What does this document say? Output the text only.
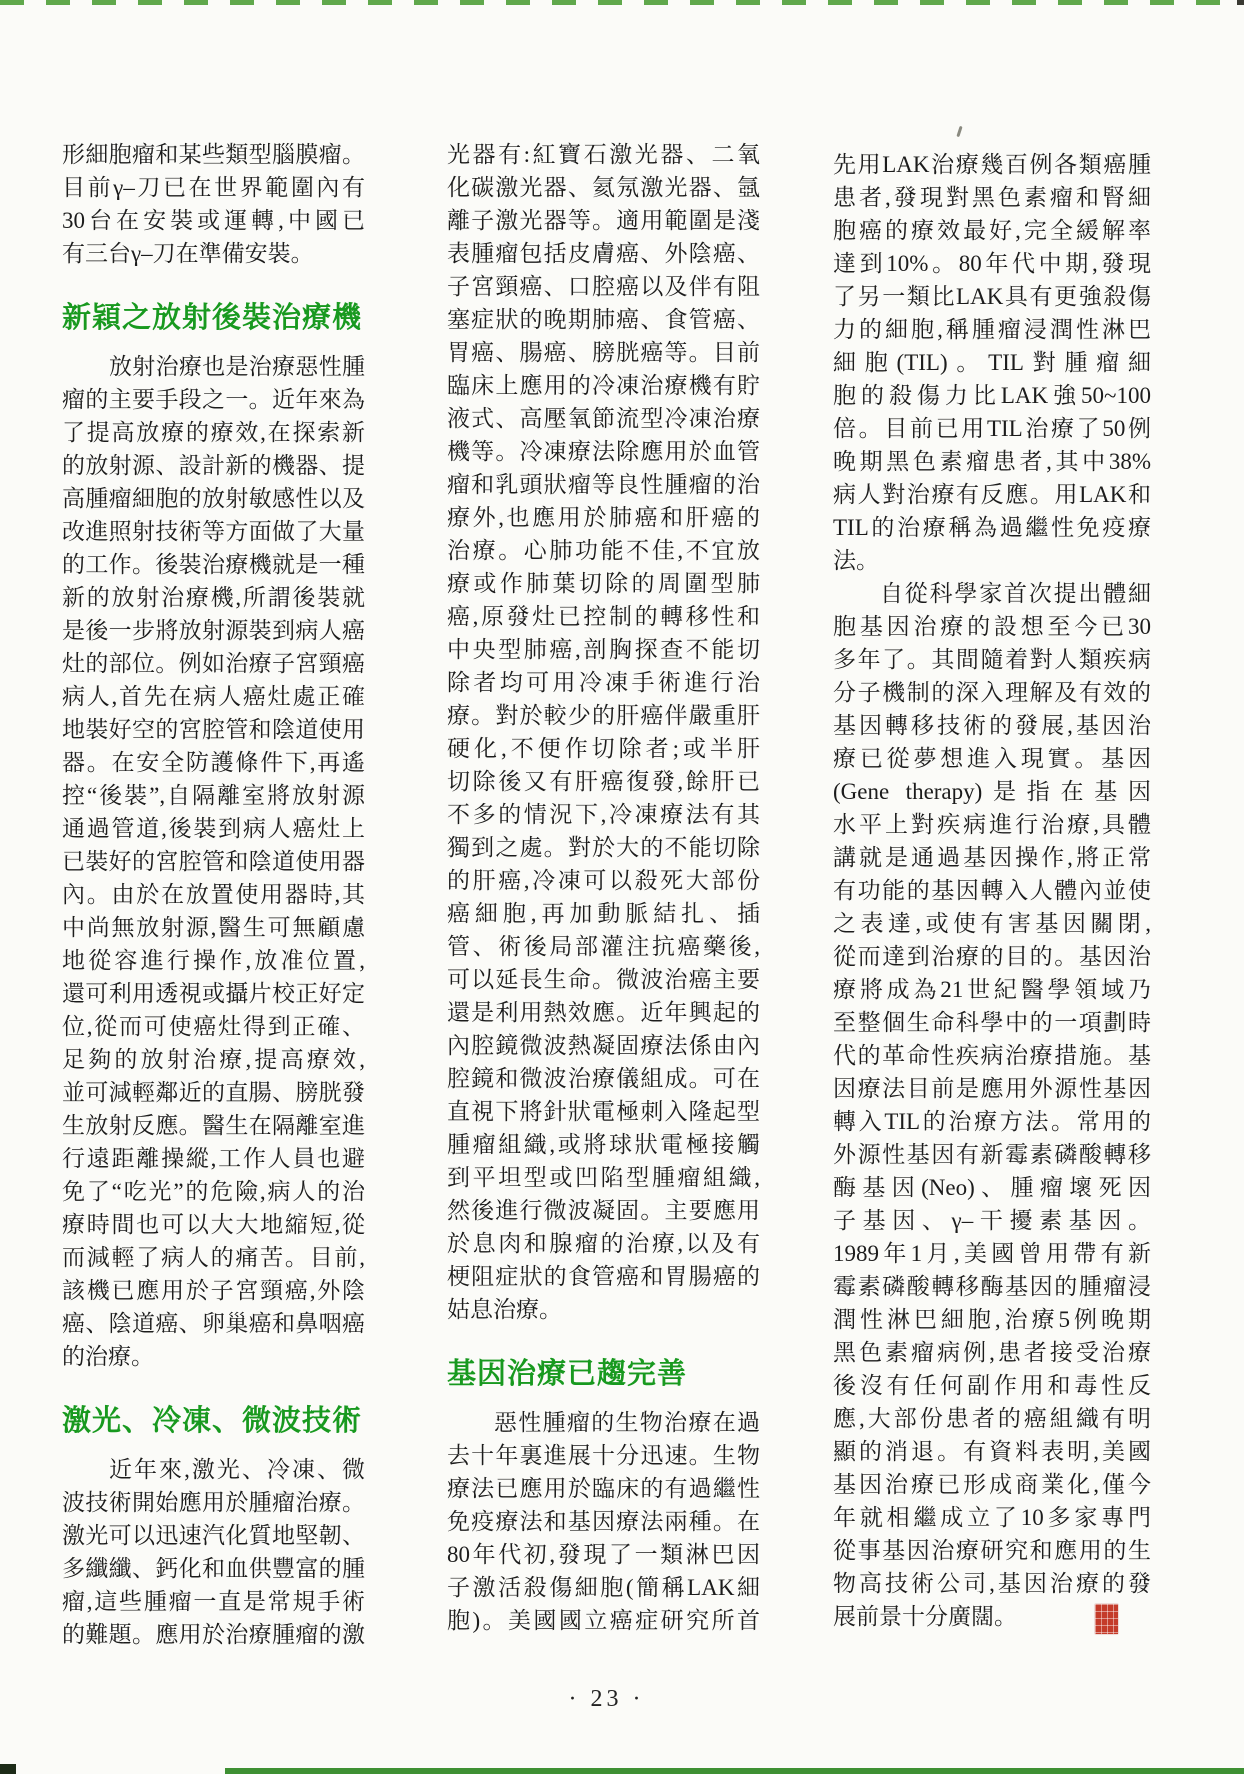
形細胞瘤和某些類型腦膜瘤。
目前γ–刀已在世界範圍內有
30台在安裝或運轉,中國已
有三台γ–刀在準備安裝。
新穎之放射後裝治療機
放射治療也是治療惡性腫
瘤的主要手段之一。近年來為
了提高放療的療效,在探索新
的放射源、設計新的機器、提
高腫瘤細胞的放射敏感性以及
改進照射技術等方面做了大量
的工作。後裝治療機就是一種
新的放射治療機,所謂後裝就
是後一步將放射源裝到病人癌
灶的部位。例如治療子宮頸癌
病人,首先在病人癌灶處正確
地裝好空的宮腔管和陰道使用
器。在安全防護條件下,再遙
控“後裝”,自隔離室將放射源
通過管道,後裝到病人癌灶上
已裝好的宮腔管和陰道使用器
內。由於在放置使用器時,其
中尚無放射源,醫生可無顧慮
地從容進行操作,放准位置,
還可利用透視或攝片校正好定
位,從而可使癌灶得到正確、
足夠的放射治療,提高療效,
並可減輕鄰近的直腸、膀胱發
生放射反應。醫生在隔離室進
行遠距離操縱,工作人員也避
免了“吃光”的危險,病人的治
療時間也可以大大地縮短,從
而減輕了病人的痛苦。目前,
該機已應用於子宮頸癌,外陰
癌、陰道癌、卵巢癌和鼻咽癌
的治療。
激光、冷凍、微波技術
近年來,激光、冷凍、微
波技術開始應用於腫瘤治療。
激光可以迅速汽化質地堅韌、
多纖纖、鈣化和血供豐富的腫
瘤,這些腫瘤一直是常規手術
的難題。應用於治療腫瘤的激
光器有:紅寶石激光器、二氧
化碳激光器、氦氖激光器、氬
離子激光器等。適用範圍是淺
表腫瘤包括皮膚癌、外陰癌、
子宮頸癌、口腔癌以及伴有阻
塞症狀的晚期肺癌、食管癌、
胃癌、腸癌、膀胱癌等。目前
臨床上應用的冷凍治療機有貯
液式、高壓氧節流型冷凍治療
機等。冷凍療法除應用於血管
瘤和乳頭狀瘤等良性腫瘤的治
療外,也應用於肺癌和肝癌的
治療。心肺功能不佳,不宜放
療或作肺葉切除的周圍型肺
癌,原發灶已控制的轉移性和
中央型肺癌,剖胸探查不能切
除者均可用冷凍手術進行治
療。對於較少的肝癌伴嚴重肝
硬化,不便作切除者;或半肝
切除後又有肝癌復發,餘肝已
不多的情況下,冷凍療法有其
獨到之處。對於大的不能切除
的肝癌,冷凍可以殺死大部份
癌細胞,再加動脈結扎、插
管、術後局部灌注抗癌藥後,
可以延長生命。微波治癌主要
還是利用熱效應。近年興起的
內腔鏡微波熱凝固療法係由內
腔鏡和微波治療儀組成。可在
直視下將針狀電極刺入隆起型
腫瘤組織,或將球狀電極接觸
到平坦型或凹陷型腫瘤組織,
然後進行微波凝固。主要應用
於息肉和腺瘤的治療,以及有
梗阻症狀的食管癌和胃腸癌的
姑息治療。
基因治療已趨完善
惡性腫瘤的生物治療在過
去十年裏進展十分迅速。生物
療法已應用於臨床的有過繼性
免疫療法和基因療法兩種。在
80年代初,發現了一類淋巴因
子激活殺傷細胞(簡稱LAK細
胞)。美國國立癌症研究所首
先用LAK治療幾百例各類癌腫
患者,發現對黑色素瘤和腎細
胞癌的療效最好,完全緩解率
達到10%。80年代中期,發現
了另一類比LAK具有更強殺傷
力的細胞,稱腫瘤浸潤性淋巴
細胞(TIL)。TIL對腫瘤細
胞的殺傷力比LAK強50~100
倍。目前已用TIL治療了50例
晚期黑色素瘤患者,其中38%
病人對治療有反應。用LAK和
TIL的治療稱為過繼性免疫療
法。
自從科學家首次提出體細
胞基因治療的設想至今已30
多年了。其間隨着對人類疾病
分子機制的深入理解及有效的
基因轉移技術的發展,基因治
療已從夢想進入現實。基因
(Gene therapy)是指在基因
水平上對疾病進行治療,具體
講就是通過基因操作,將正常
有功能的基因轉入人體內並使
之表達,或使有害基因關閉,
從而達到治療的目的。基因治
療將成為21世紀醫學領域乃
至整個生命科學中的一項劃時
代的革命性疾病治療措施。基
因療法目前是應用外源性基因
轉入TIL的治療方法。常用的
外源性基因有新霉素磷酸轉移
酶基因(Neo)、腫瘤壞死因
子基因、γ–干擾素基因。
1989年1月,美國曾用帶有新
霉素磷酸轉移酶基因的腫瘤浸
潤性淋巴細胞,治療5例晚期
黑色素瘤病例,患者接受治療
後沒有任何副作用和毒性反
應,大部份患者的癌組織有明
顯的消退。有資料表明,美國
基因治療已形成商業化,僅今
年就相繼成立了10多家專門
從事基因治療研究和應用的生
物高技術公司,基因治療的發
展前景十分廣闊。
· 23 ·
